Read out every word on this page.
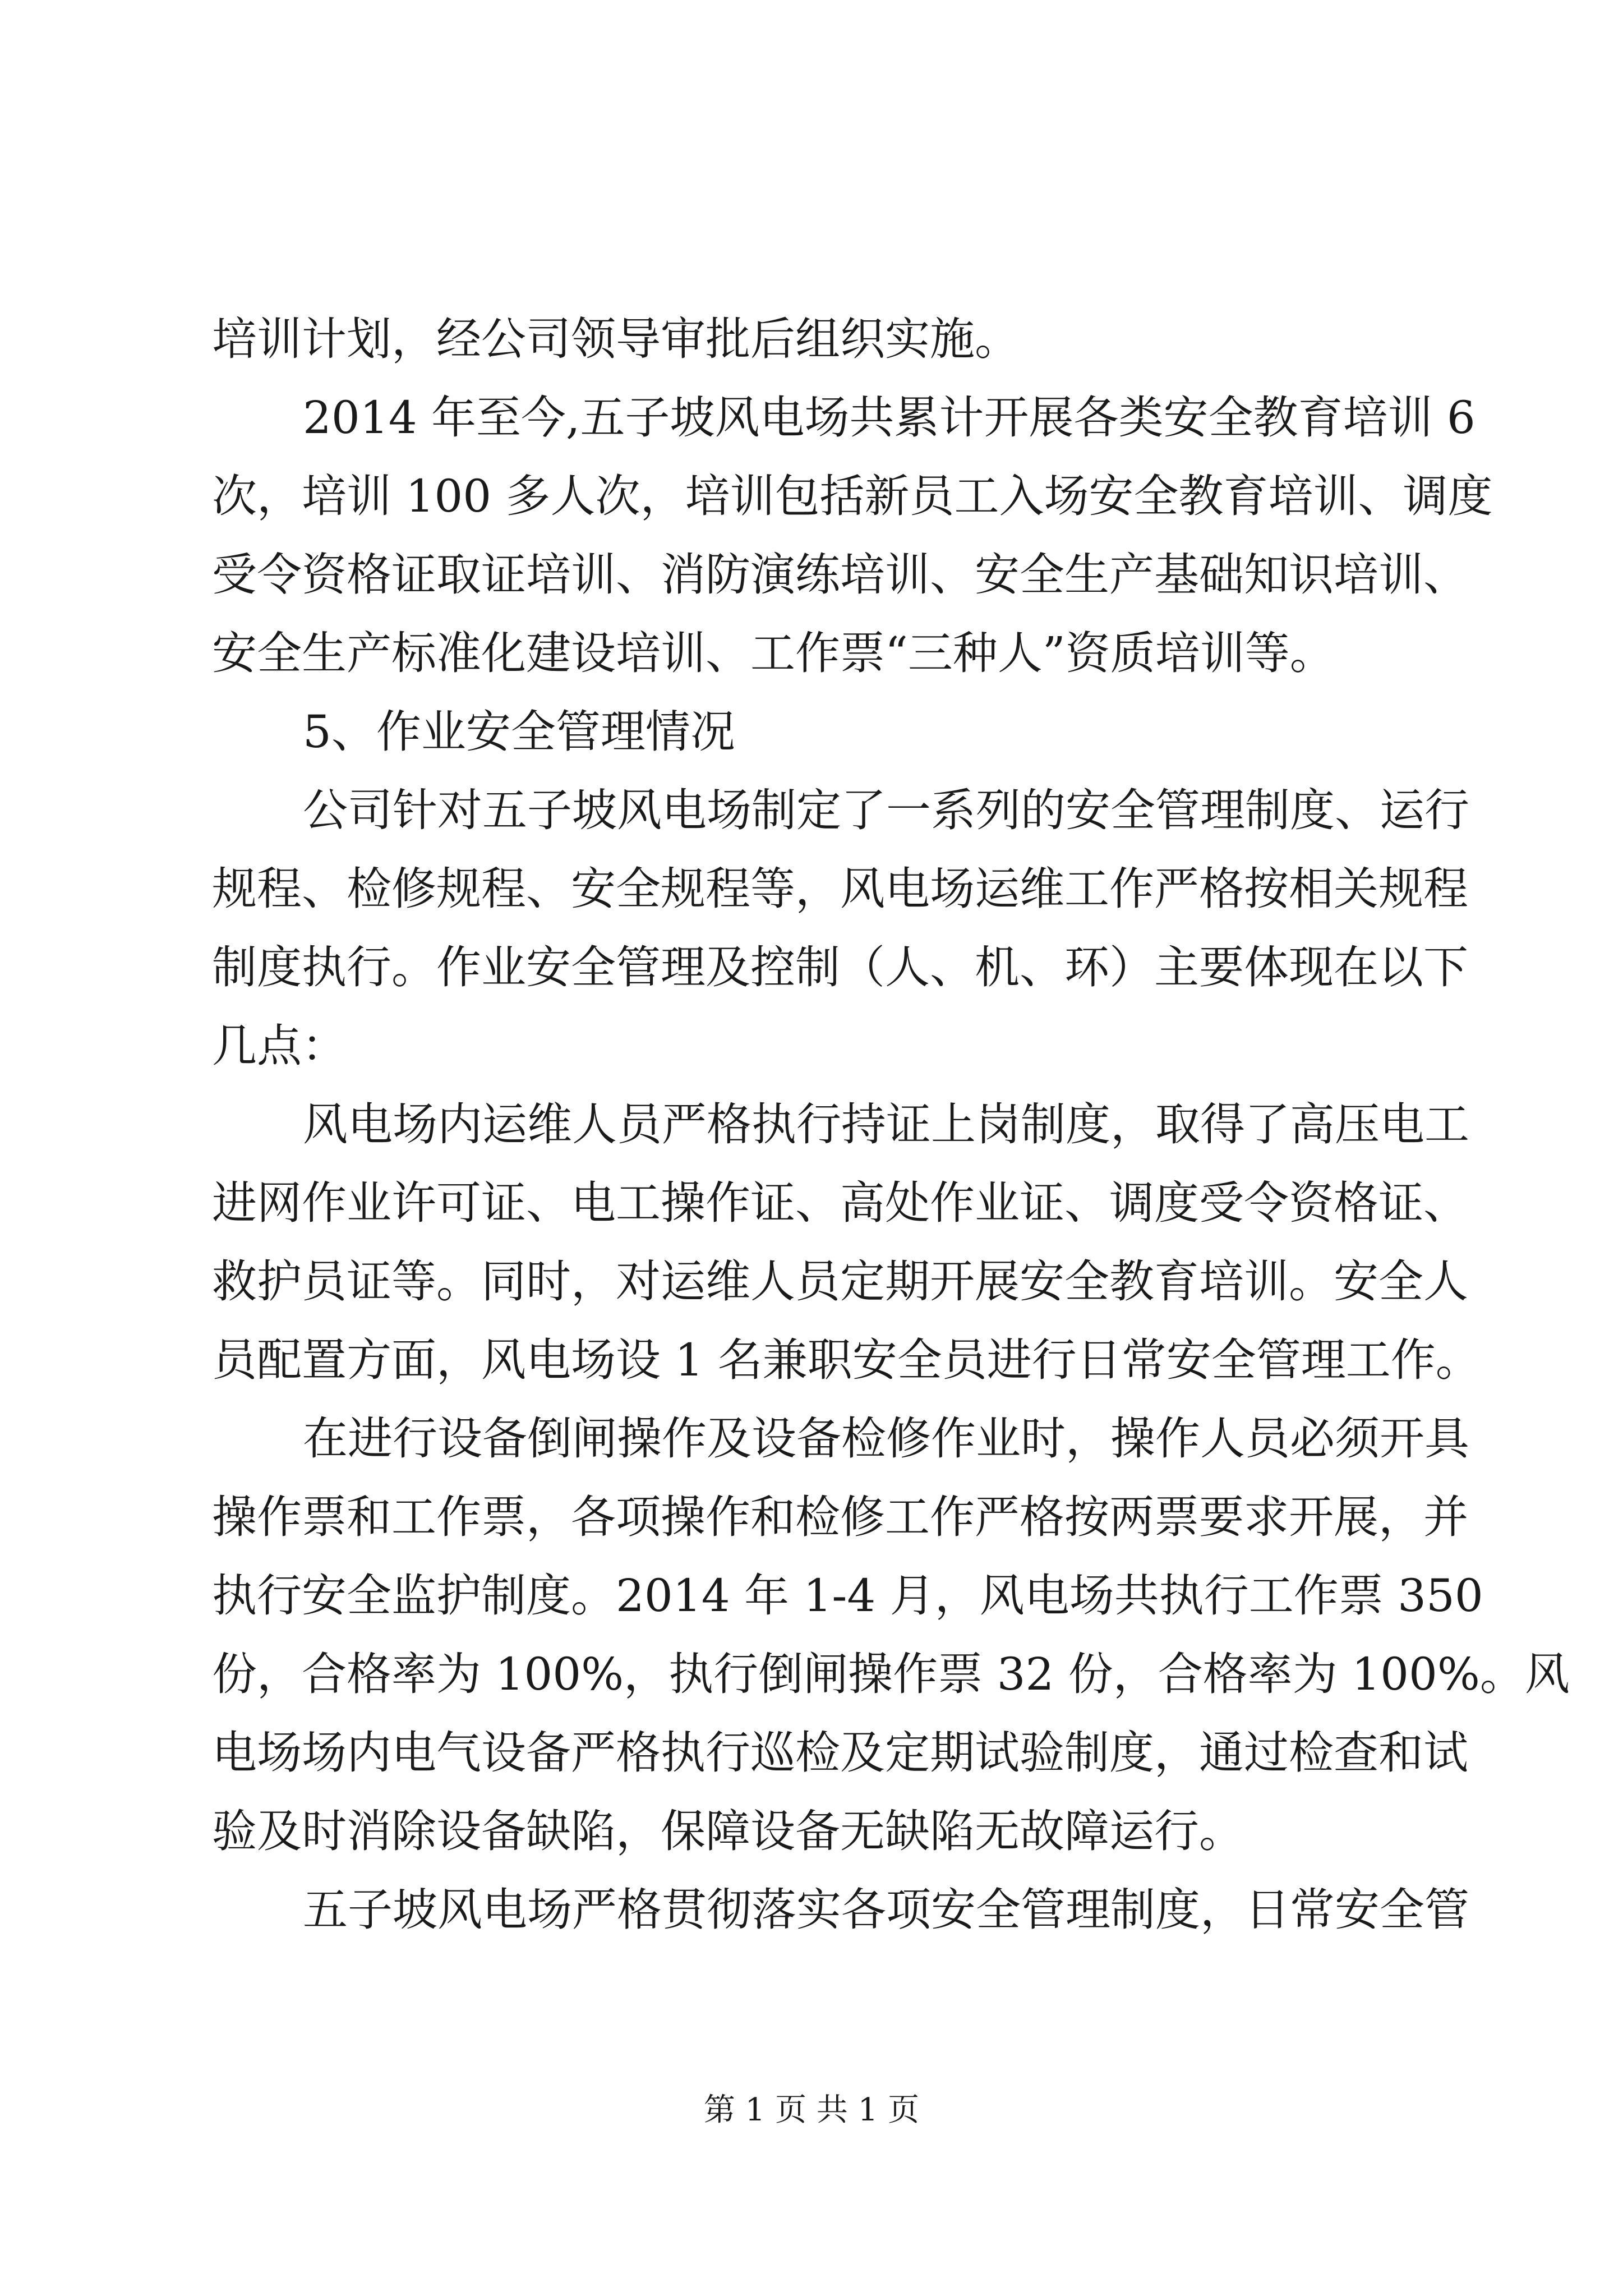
培训计划，经公司领导审批后组织实施。
2014 年至今,五子坡风电场共累计开展各类安全教育培训 6
次，培训 100 多人次，培训包括新员工入场安全教育培训、调度
受令资格证取证培训、消防演练培训、安全生产基础知识培训、
安全生产标准化建设培训、工作票“三种人”资质培训等。
5、作业安全管理情况
公司针对五子坡风电场制定了一系列的安全管理制度、运行
规程、检修规程、安全规程等，风电场运维工作严格按相关规程
制度执行。作业安全管理及控制（人、机、环）主要体现在以下
几点：
风电场内运维人员严格执行持证上岗制度，取得了高压电工
进网作业许可证、电工操作证、高处作业证、调度受令资格证、
救护员证等。同时，对运维人员定期开展安全教育培训。安全人
员配置方面，风电场设 1 名兼职安全员进行日常安全管理工作。
在进行设备倒闸操作及设备检修作业时，操作人员必须开具
操作票和工作票，各项操作和检修工作严格按两票要求开展，并
执行安全监护制度。2014 年 1-4 月，风电场共执行工作票 350
份，合格率为 100%，执行倒闸操作票 32 份，合格率为 100%。风
电场场内电气设备严格执行巡检及定期试验制度，通过检查和试
验及时消除设备缺陷，保障设备无缺陷无故障运行。
五子坡风电场严格贯彻落实各项安全管理制度，日常安全管
第 1 页 共 1 页
